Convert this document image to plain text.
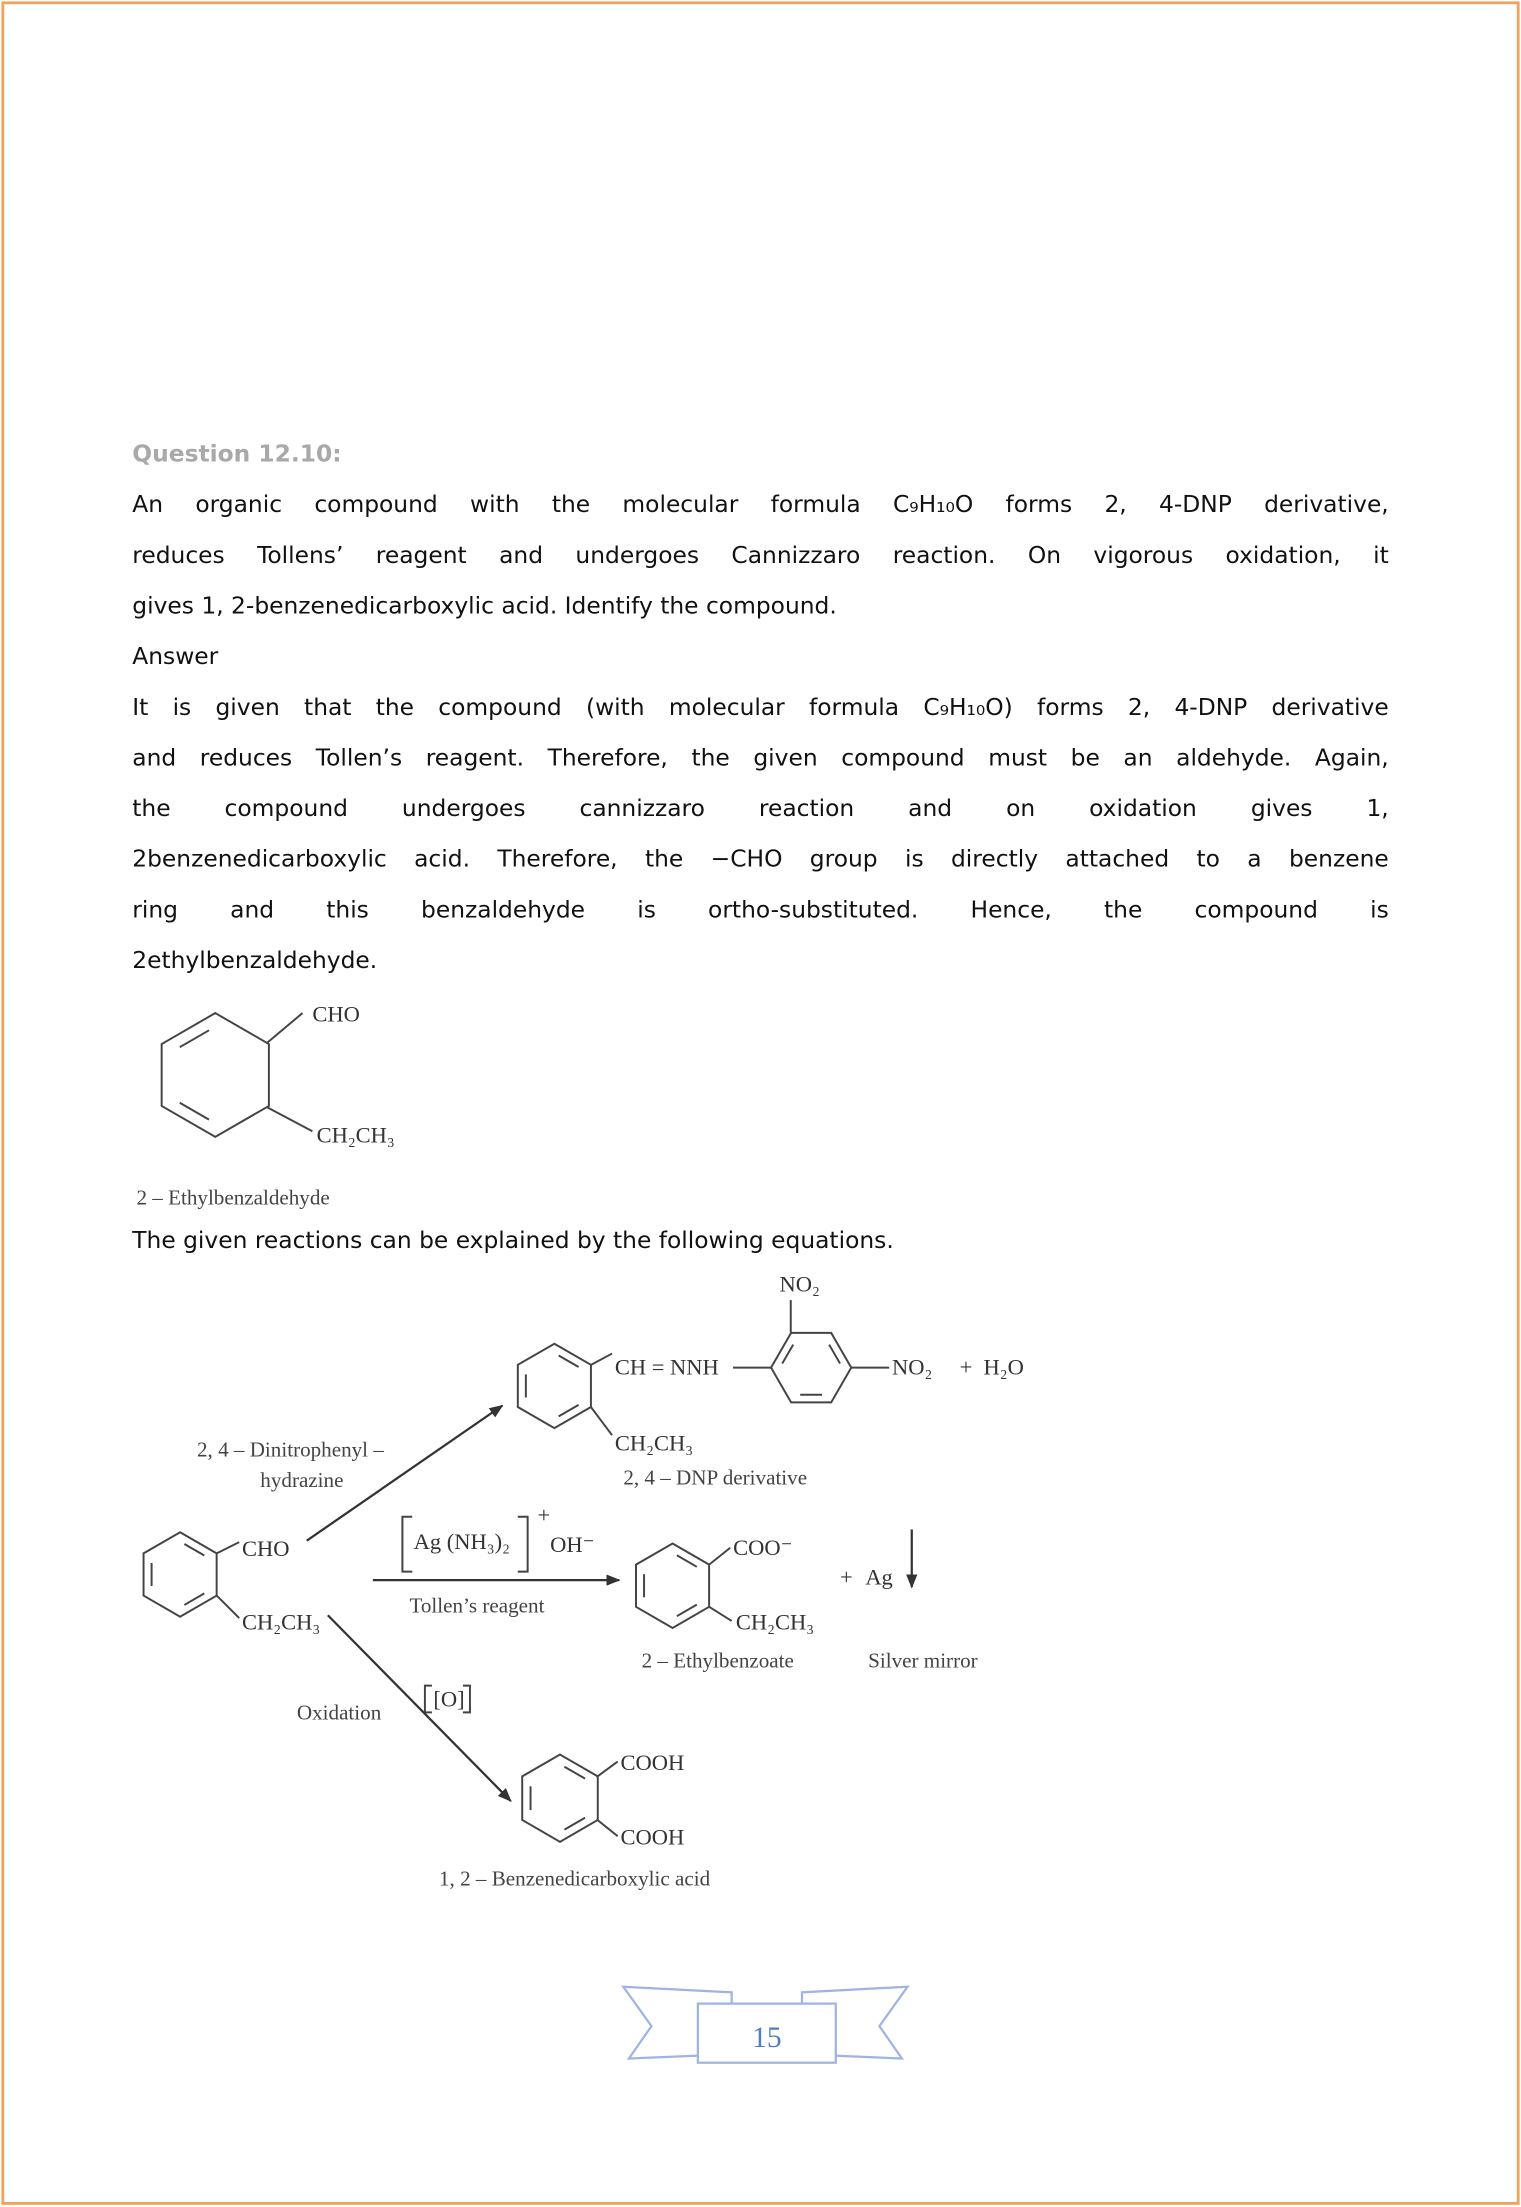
Question 12.10:
An organic compound with the molecular formula C₉H₁₀O forms 2, 4-DNP derivative,
reduces Tollens’ reagent and undergoes Cannizzaro reaction. On vigorous oxidation, it
gives 1, 2-benzenedicarboxylic acid. Identify the compound.
Answer
It is given that the compound (with molecular formula C₉H₁₀O) forms 2, 4-DNP derivative
and reduces Tollen’s reagent. Therefore, the given compound must be an aldehyde. Again,
the compound undergoes cannizzaro reaction and on oxidation gives 1,
2benzenedicarboxylic acid. Therefore, the −CHO group is directly attached to a benzene
ring and this benzaldehyde is ortho-substituted. Hence, the compound is
2ethylbenzaldehyde.
The given reactions can be explained by the following equations.
CHO
CH₂CH₃
2 – Ethylbenzaldehyde
CHO
CH₂CH₃
2, 4 – Dinitrophenyl –
hydrazine
CH = NNH
CH₂CH₃
NO₂
NO₂ +  H₂O
2, 4 – DNP derivative
Ag (NH₃)₂
+
OH⁻
Tollen’s reagent
COO⁻
CH₂CH₃
+ Ag
2 – Ethylbenzoate	Silver mirror
Oxidation
[O]
COOH
COOH
1, 2 – Benzenedicarboxylic acid
15
